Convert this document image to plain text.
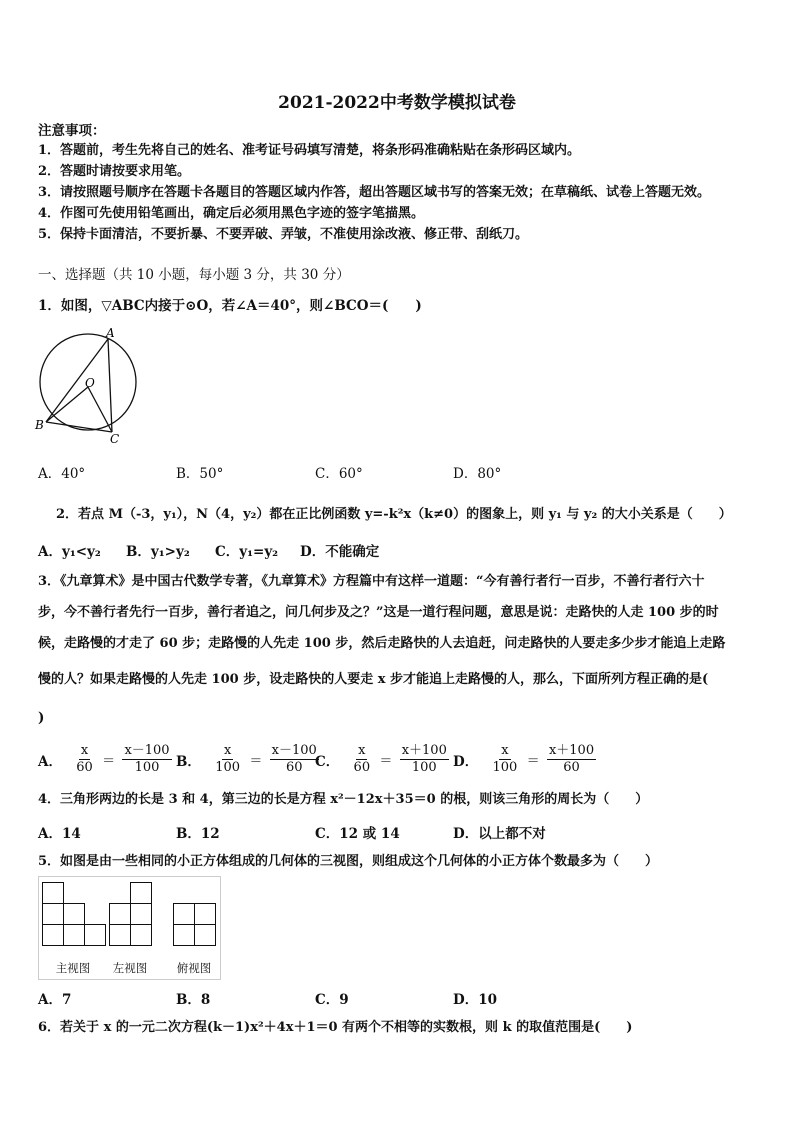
2021-2022中考数学模拟试卷
注意事项：
1．答题前，考生先将自己的姓名、准考证号码填写清楚，将条形码准确粘贴在条形码区域内。
2．答题时请按要求用笔。
3．请按照题号顺序在答题卡各题目的答题区域内作答，超出答题区域书写的答案无效；在草稿纸、试卷上答题无效。
4．作图可先使用铅笔画出，确定后必须用黑色字迹的签字笔描黑。
5．保持卡面清洁，不要折暴、不要弄破、弄皱，不准使用涂改液、修正带、刮纸刀。
一、选择题（共 10 小题，每小题 3 分，共 30 分）
1．如图，▽ABC内接于⊙O，若∠A＝40°，则∠BCO＝(　　)
A
B
C
O
A．40°	B．50°	C．60°	D．80°
2．若点 M（-3，y₁），N（4，y₂）都在正比例函数 y=-k²x（k≠0）的图象上，则 y₁ 与 y₂ 的大小关系是（　　）
A．y₁<y₂ B．y₁>y₂ C．y₁=y₂ D．不能确定
3．《九章算术》是中国古代数学专著，《九章算术》方程篇中有这样一道题：“今有善行者行一百步，不善行者行六十
步，今不善行者先行一百步，善行者追之，问几何步及之？”这是一道行程问题，意思是说：走路快的人走 100 步的时
候，走路慢的才走了 60 步；走路慢的人先走 100 步，然后走路快的人去追赶，问走路快的人要走多少步才能追上走路
慢的人？如果走路慢的人先走 100 步，设走路快的人要走 x 步才能追上走路慢的人，那么，下面所列方程正确的是(
)
A． $\frac{x}{60} = \frac{x-100}{100}$ B． $\frac{x}{100} = \frac{x-100}{60}$
C． $\frac{x}{60} = \frac{x+100}{100}$ D． $\frac{x}{100} = \frac{x+100}{60}$
4．三角形两边的长是 3 和 4，第三边的长是方程 x²－12x＋35＝0 的根，则该三角形的周长为（　　）
A．14	B．12	C．12 或 14	D．以上都不对
5．如图是由一些相同的小正方体组成的几何体的三视图，则组成这个几何体的小正方体个数最多为（　　）
主视图	左视图	俯视图
A．7	B．8	C．9	D．10
6．若关于 x 的一元二次方程(k－1)x²＋4x＋1＝0 有两个不相等的实数根，则 k 的取值范围是(　　)
